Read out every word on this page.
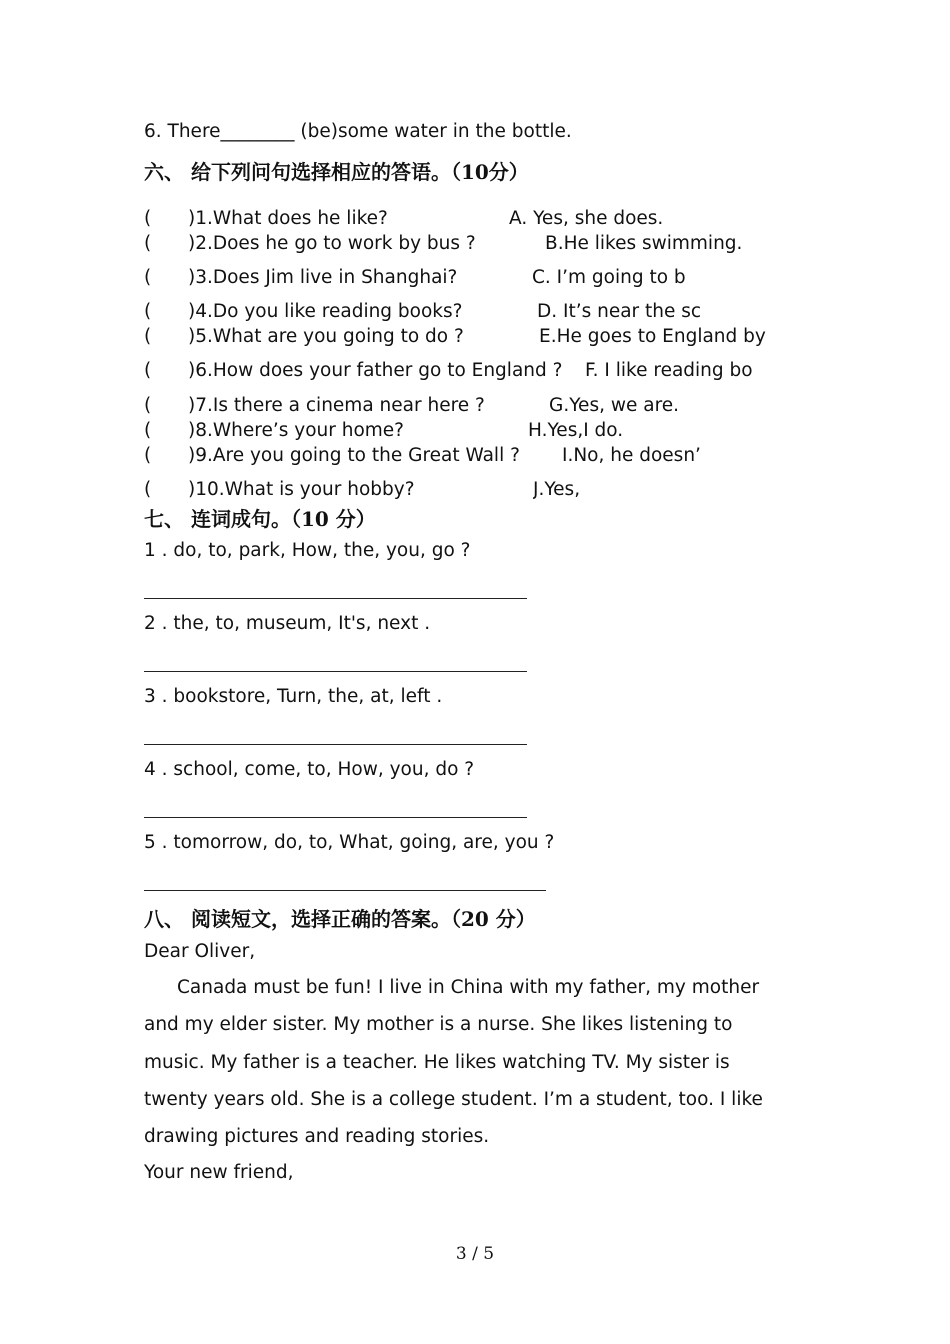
6. There________ (be)some water in the bottle.
六、 给下列问句选择相应的答语。（10分）
( )1.What does he like?	A. Yes, she does.
( )2.Does he go to work by bus ?	B.He likes swimming.
( )3.Does Jim live in Shanghai?	C. I’m going to b
( )4.Do you like reading books?	D. It’s near the sc
( )5.What are you going to do ?	E.He goes to England by
( )6.How does your father go to England ? F. I like reading bo
( )7.Is there a cinema near here ?	G.Yes, we are.
( )8.Where’s your home?	H.Yes,I do.
( )9.Are you going to the Great Wall ? I.No, he doesn’
( )10.What is your hobby?	J.Yes,
七、 连词成句。（10 分）
1 . do, to, park, How, the, you, go ?
2 . the, to, museum, It's, next .
3 . bookstore, Turn, the, at, left .
4 . school, come, to, How, you, do ?
5 . tomorrow, do, to, What, going, are, you ?
八、 阅读短文，选择正确的答案。（20 分）
Dear Oliver,
Canada must be fun! I live in China with my father, my mother
and my elder sister. My mother is a nurse. She likes listening to
music. My father is a teacher. He likes watching TV. My sister is
twenty years old. She is a college student. I’m a student, too. I like
drawing pictures and reading stories.
Your new friend,
3 / 5
